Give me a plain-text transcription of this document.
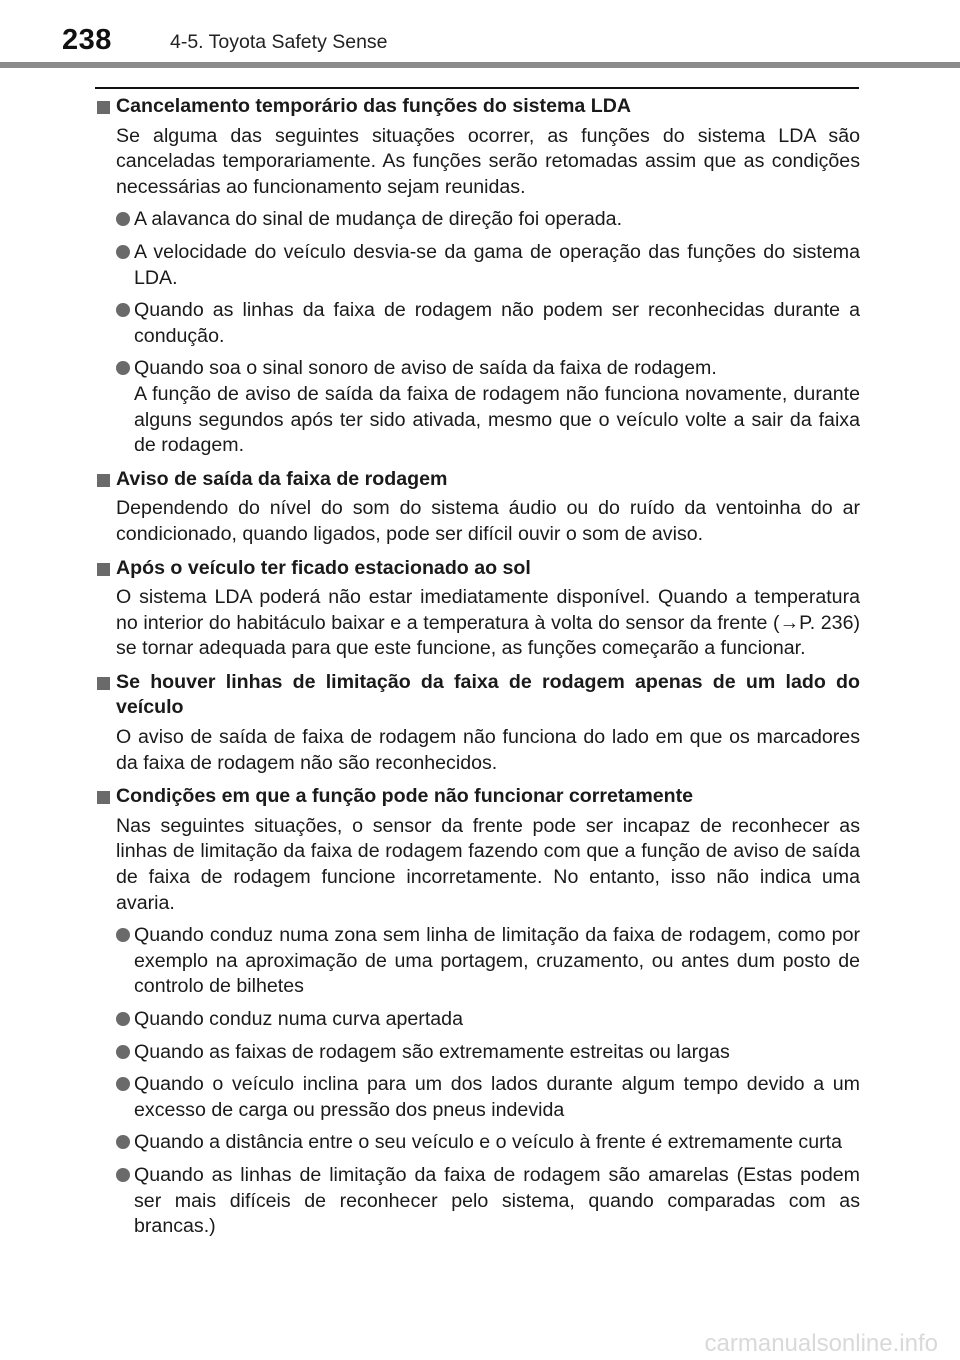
238	4-5. Toyota Safety Sense
Cancelamento temporário das funções do sistema LDA
Se alguma das seguintes situações ocorrer, as funções do sistema LDA são canceladas temporariamente. As funções serão retomadas assim que as condições necessárias ao funcionamento sejam reunidas.
A alavanca do sinal de mudança de direção foi operada.
A velocidade do veículo desvia-se da gama de operação das funções do sistema LDA.
Quando as linhas da faixa de rodagem não podem ser reconhecidas durante a condução.
Quando soa o sinal sonoro de aviso de saída da faixa de rodagem.
A função de aviso de saída da faixa de rodagem não funciona novamente, durante alguns segundos após ter sido ativada, mesmo que o veículo volte a sair da faixa de rodagem.
Aviso de saída da faixa de rodagem
Dependendo do nível do som do sistema áudio ou do ruído da ventoinha do ar condicionado, quando ligados, pode ser difícil ouvir o som de aviso.
Após o veículo ter ficado estacionado ao sol
O sistema LDA poderá não estar imediatamente disponível. Quando a temperatura no interior do habitáculo baixar e a temperatura à volta do sensor da frente (→P. 236) se tornar adequada para que este funcione, as funções começarão a funcionar.
Se houver linhas de limitação da faixa de rodagem apenas de um lado do veículo
O aviso de saída de faixa de rodagem não funciona do lado em que os marcadores da faixa de rodagem não são reconhecidos.
Condições em que a função pode não funcionar corretamente
Nas seguintes situações, o sensor da frente pode ser incapaz de reconhecer as linhas de limitação da faixa de rodagem fazendo com que a função de aviso de saída de faixa de rodagem funcione incorretamente. No entanto, isso não indica uma avaria.
Quando conduz numa zona sem linha de limitação da faixa de rodagem, como por exemplo na aproximação de uma portagem, cruzamento, ou antes dum posto de controlo de bilhetes
Quando conduz numa curva apertada
Quando as faixas de rodagem são extremamente estreitas ou largas
Quando o veículo inclina para um dos lados durante algum tempo devido a um excesso de carga ou pressão dos pneus indevida
Quando a distância entre o seu veículo e o veículo à frente é extremamente curta
Quando as linhas de limitação da faixa de rodagem são amarelas (Estas podem ser mais difíceis de reconhecer pelo sistema, quando comparadas com as brancas.)
carmanualsonline.info
